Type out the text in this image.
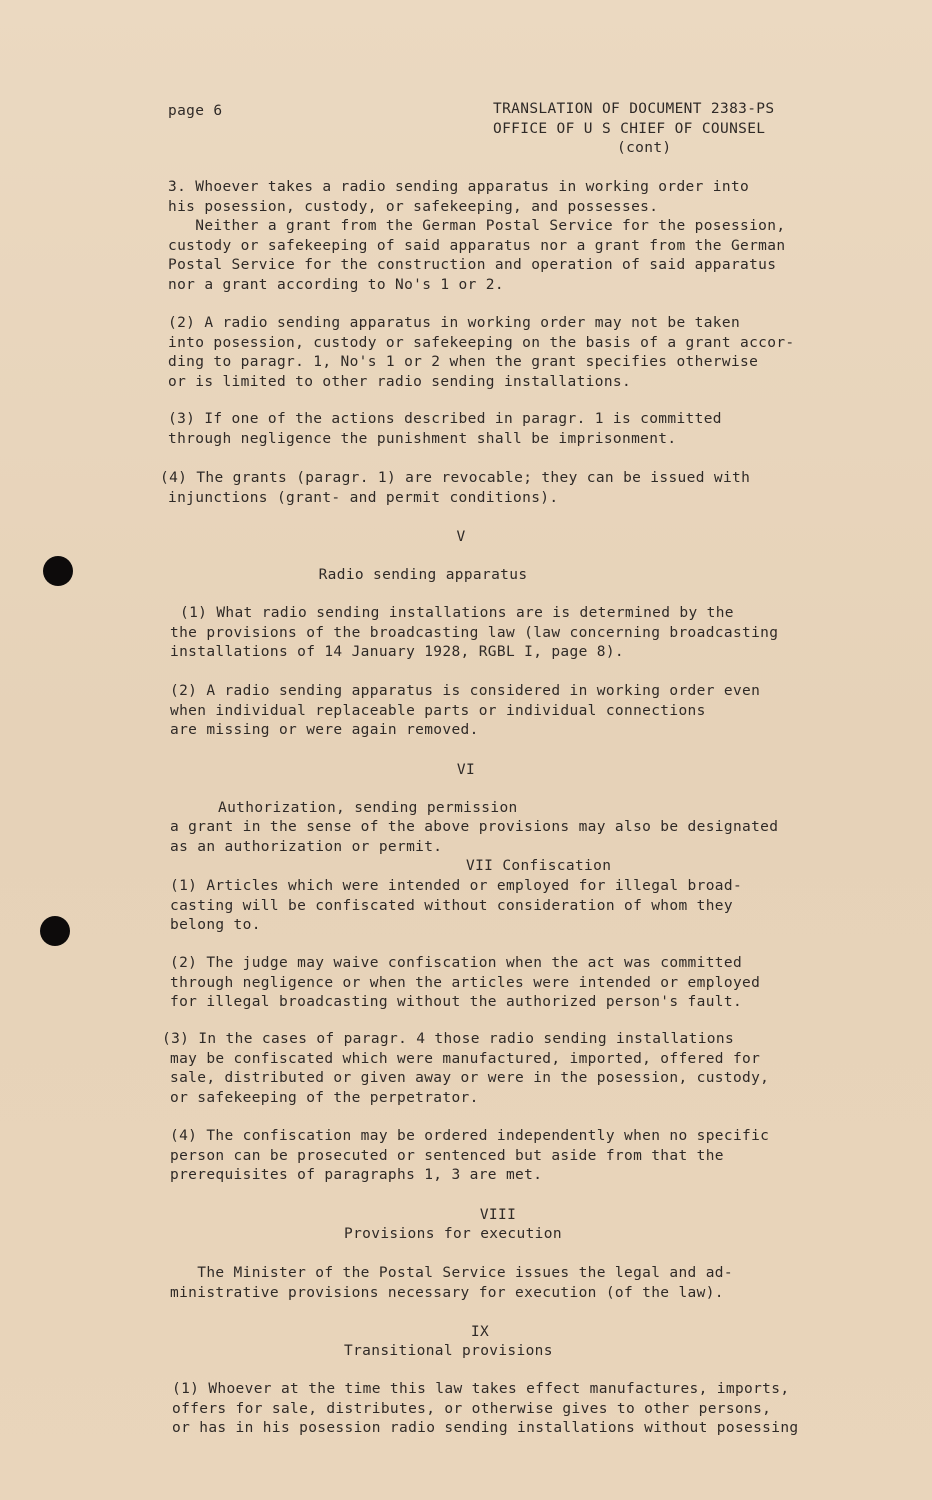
page 6	TRANSLATION OF DOCUMENT 2383-PS
OFFICE OF U S CHIEF OF COUNSEL
(cont)
3. Whoever takes a radio sending apparatus in working order into
his posession, custody, or safekeeping, and possesses.
Neither a grant from the German Postal Service for the posession,
custody or safekeeping of said apparatus nor a grant from the German
Postal Service for the construction and operation of said apparatus
nor a grant according to No's 1 or 2.
(2) A radio sending apparatus in working order may not be taken
into posession, custody or safekeeping on the basis of a grant accor-
ding to paragr. 1, No's 1 or 2 when the grant specifies otherwise
or is limited to other radio sending installations.
(3) If one of the actions described in paragr. 1 is committed
through negligence the punishment shall be imprisonment.
(4) The grants (paragr. 1) are revocable; they can be issued with
injunctions (grant- and permit conditions).
V
Radio sending apparatus
(1) What radio sending installations are is determined by the
the provisions of the broadcasting law (law concerning broadcasting
installations of 14 January 1928, RGBL I, page 8).
(2) A radio sending apparatus is considered in working order even
when individual replaceable parts or individual connections
are missing or were again removed.
VI
Authorization, sending permission
a grant in the sense of the above provisions may also be designated
as an authorization or permit.
VII Confiscation
(1) Articles which were intended or employed for illegal broad-
casting will be confiscated without consideration of whom they
belong to.
(2) The judge may waive confiscation when the act was committed
through negligence or when the articles were intended or employed
for illegal broadcasting without the authorized person's fault.
(3) In the cases of paragr. 4 those radio sending installations
may be confiscated which were manufactured, imported, offered for
sale, distributed or given away or were in the posession, custody,
or safekeeping of the perpetrator.
(4) The confiscation may be ordered independently when no specific
person can be prosecuted or sentenced but aside from that the
prerequisites of paragraphs 1, 3 are met.
VIII
Provisions for execution
The Minister of the Postal Service issues the legal and ad-
ministrative provisions necessary for execution (of the law).
IX
Transitional provisions
(1) Whoever at the time this law takes effect manufactures, imports,
offers for sale, distributes, or otherwise gives to other persons,
or has in his posession radio sending installations without posessing
